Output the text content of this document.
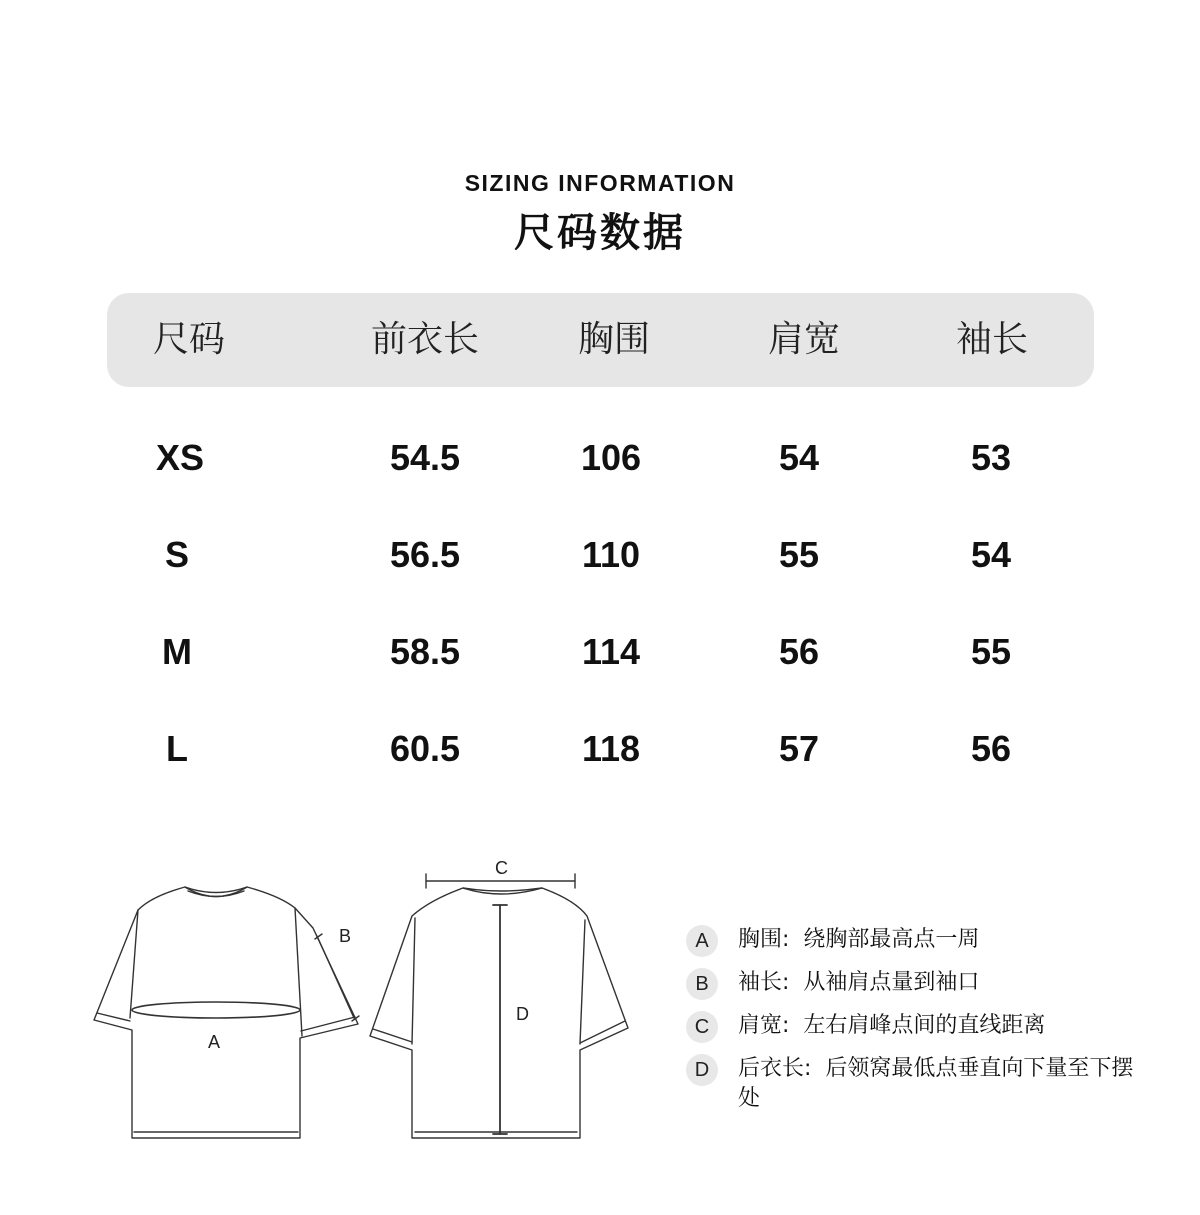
SIZING INFORMATION
尺码数据
尺码	前衣长	胸围	肩宽	袖长
XS	54.5	106	54	53
S	56.5	110	55	54
M	58.5	114	56	55
L	60.5	118	57	56
A
B
C
D
A	胸围: 绕胸部最高点一周
B	袖长: 从袖肩点量到袖口
C	肩宽: 左右肩峰点间的直线距离
D	后衣长: 后领窝最低点垂直向下量至下摆处
